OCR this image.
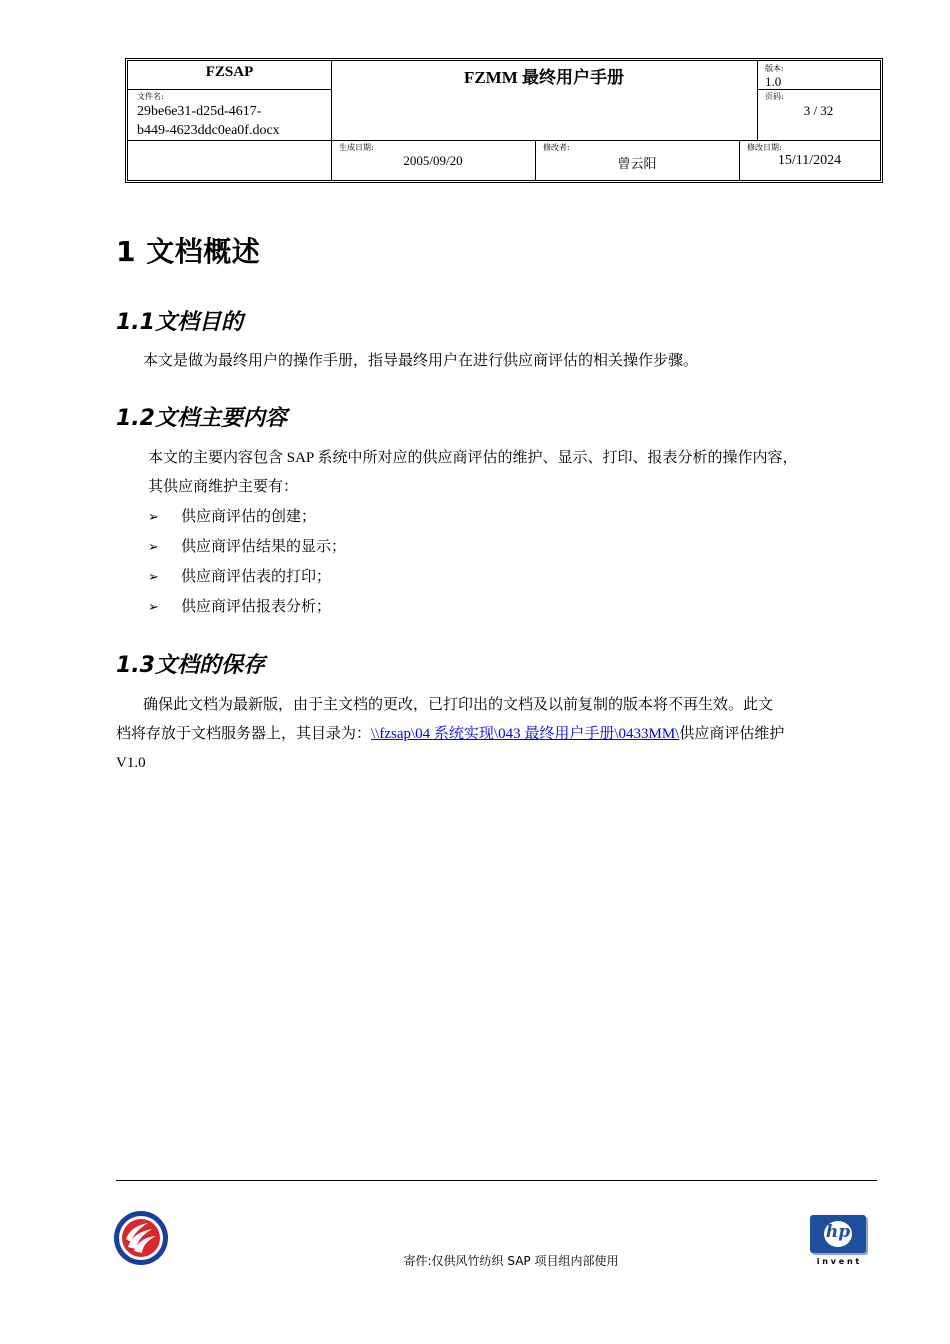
FZSAP	FZMM 最终用户手册	版本:
1.0
文件名:
29be6e31-d25d-4617-
b449-4623ddc0ea0f.docx
页码:
3 / 32
生成日期:
2005/09/20
修改者:
曾云阳
修改日期:
15/11/2024
1 文档概述
1.1文档目的

本文是做为最终用户的操作手册，指导最终用户在进行供应商评估的相关操作步骤。

1.2文档主要内容

本文的主要内容包含 SAP 系统中所对应的供应商评估的维护、显示、打印、报表分析的操作内容，

其供应商维护主要有：

➢ 供应商评估的创建；
➢ 供应商评估结果的显示；
➢ 供应商评估表的打印；
➢ 供应商评估报表分析；
1.3文档的保存

确保此文档为最新版，由于主文档的更改，已打印出的文档及以前复制的版本将不再生效。此文

档将存放于文档服务器上，其目录为：\\fzsap\04 系统实现\043 最终用户手册\0433MM\供应商评估维护

V1.0

寄件:仅供风竹纺织 SAP 项目组内部使用
hp
i n v e n t
